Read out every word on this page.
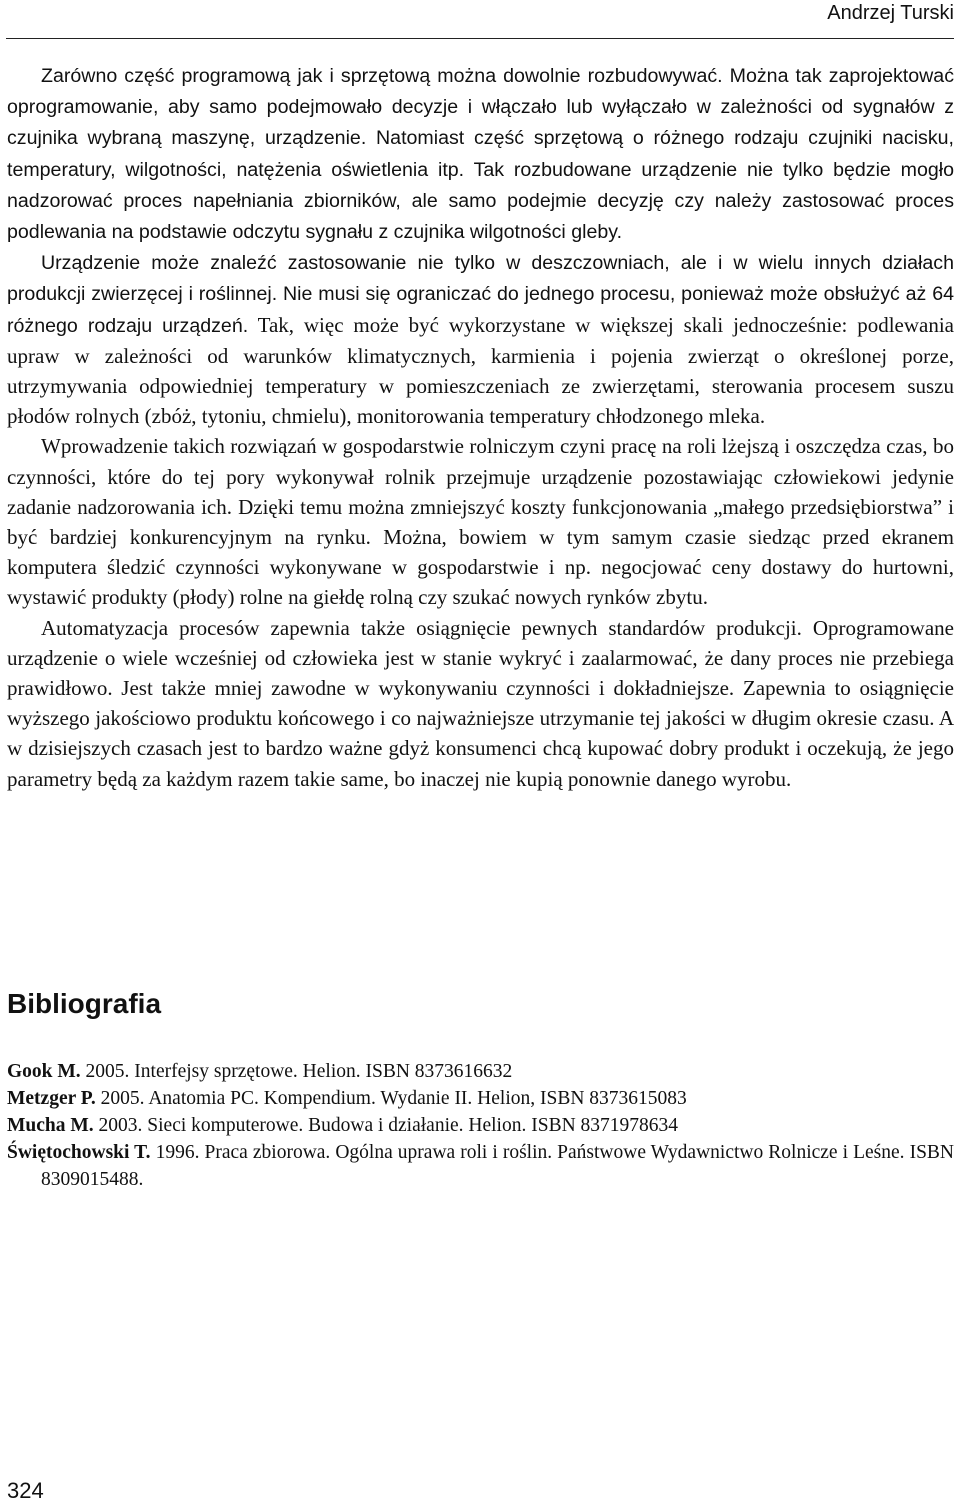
Andrzej Turski

Zarówno część programową jak i sprzętową można dowolnie rozbudowywać. Można tak zaprojektować oprogramowanie, aby samo podejmowało decyzje i włączało lub wyłączało w zależności od sygnałów z czujnika wybraną maszynę, urządzenie. Natomiast część sprzętową o różnego rodzaju czujniki nacisku, temperatury, wilgotności, natężenia oświetlenia itp. Tak rozbudowane urządzenie nie tylko będzie mogło nadzorować proces napełniania zbiorników, ale samo podejmie decyzję czy należy zastosować proces podlewania na podstawie odczytu sygnału z czujnika wilgotności gleby.

Urządzenie może znaleźć zastosowanie nie tylko w deszczowniach, ale i w wielu innych działach produkcji zwierzęcej i roślinnej. Nie musi się ograniczać do jednego procesu, ponieważ może obsłużyć aż 64 różnego rodzaju urządzeń. Tak, więc może być wykorzystane w większej skali jednocześnie: podlewania upraw w zależności od warunków klimatycznych, karmienia i pojenia zwierząt o określonej porze, utrzymywania odpowiedniej temperatury w pomieszczeniach ze zwierzętami, sterowania procesem suszu płodów rolnych (zbóż, tytoniu, chmielu), monitorowania temperatury chłodzonego mleka.

Wprowadzenie takich rozwiązań w gospodarstwie rolniczym czyni pracę na roli lżejszą i oszczędza czas, bo czynności, które do tej pory wykonywał rolnik przejmuje urządzenie pozostawiając człowiekowi jedynie zadanie nadzorowania ich. Dzięki temu można zmniejszyć koszty funkcjonowania „małego przedsiębiorstwa” i być bardziej konkurencyjnym na rynku. Można, bowiem w tym samym czasie siedząc przed ekranem komputera śledzić czynności wykonywane w gospodarstwie i np. negocjować ceny dostawy do hurtowni, wystawić produkty (płody) rolne na giełdę rolną czy szukać nowych rynków zbytu.

Automatyzacja procesów zapewnia także osiągnięcie pewnych standardów produkcji. Oprogramowane urządzenie o wiele wcześniej od człowieka jest w stanie wykryć i zaalarmować, że dany proces nie przebiega prawidłowo. Jest także mniej zawodne w wykonywaniu czynności i dokładniejsze. Zapewnia to osiągnięcie wyższego jakościowo produktu końcowego i co najważniejsze utrzymanie tej jakości w długim okresie czasu. A w dzisiejszych czasach jest to bardzo ważne gdyż konsumenci chcą kupować dobry produkt i oczekują, że jego parametry będą za każdym razem takie same, bo inaczej nie kupią ponownie danego wyrobu.

Bibliografia
Gook M. 2005. Interfejsy sprzętowe. Helion. ISBN 8373616632
Metzger P. 2005. Anatomia PC. Kompendium. Wydanie II. Helion, ISBN 8373615083
Mucha M. 2003. Sieci komputerowe. Budowa i działanie. Helion. ISBN 8371978634
Świętochowski T. 1996. Praca zbiorowa. Ogólna uprawa roli i roślin. Państwowe Wydawnictwo Rolnicze i Leśne. ISBN 8309015488.
324
